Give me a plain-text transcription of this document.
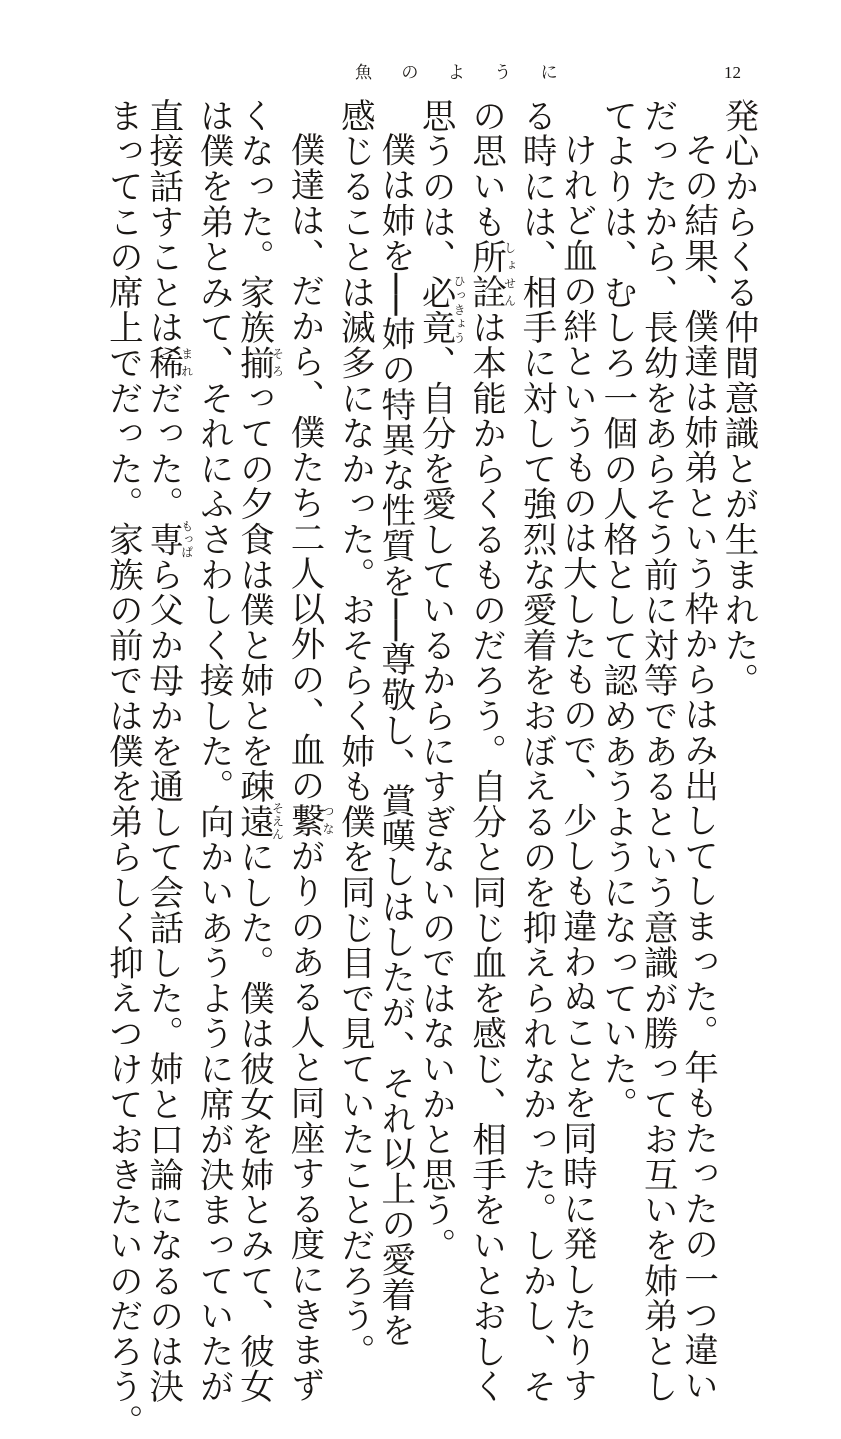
魚 の よ う に	12
発心からくる仲間意識とが生まれた。
その結果、僕達は姉弟という枠からはみ出してしまった。年もたったの一つ違い
だったから、長幼をあらそう前に対等であるという意識が勝ってお互いを姉弟とし
てよりは、むしろ一個の人格として認めあうようになっていた。
けれど血の絆というものは大したもので、少しも違わぬことを同時に発したりす
る時には、相手に対して強烈な愛着をおぼえるのを抑えられなかった。しかし、そ
の思いも所詮しょせんは本能からくるものだろう。自分と同じ血を感じ、相手をいとおしく
思うのは、必竟ひっきょう、自分を愛しているからにすぎないのではないかと思う。
僕は姉を──姉の特異な性質を──尊敬し、賞嘆しはしたが、それ以上の愛着を
感じることは滅多になかった。おそらく姉も僕を同じ目で見ていたことだろう。
僕達は、だから、僕たち二人以外の、血の繋つながりのある人と同座する度にきまず
くなった。家族揃そろっての夕食は僕と姉とを疎遠そえんにした。僕は彼女を姉とみて、彼女
は僕を弟とみて、それにふさわしく接した。向かいあうように席が決まっていたが
直接話すことは稀まれだった。専もっぱら父か母かを通して会話した。姉と口論になるのは決
まってこの席上でだった。家族の前では僕を弟らしく抑えつけておきたいのだろう。
